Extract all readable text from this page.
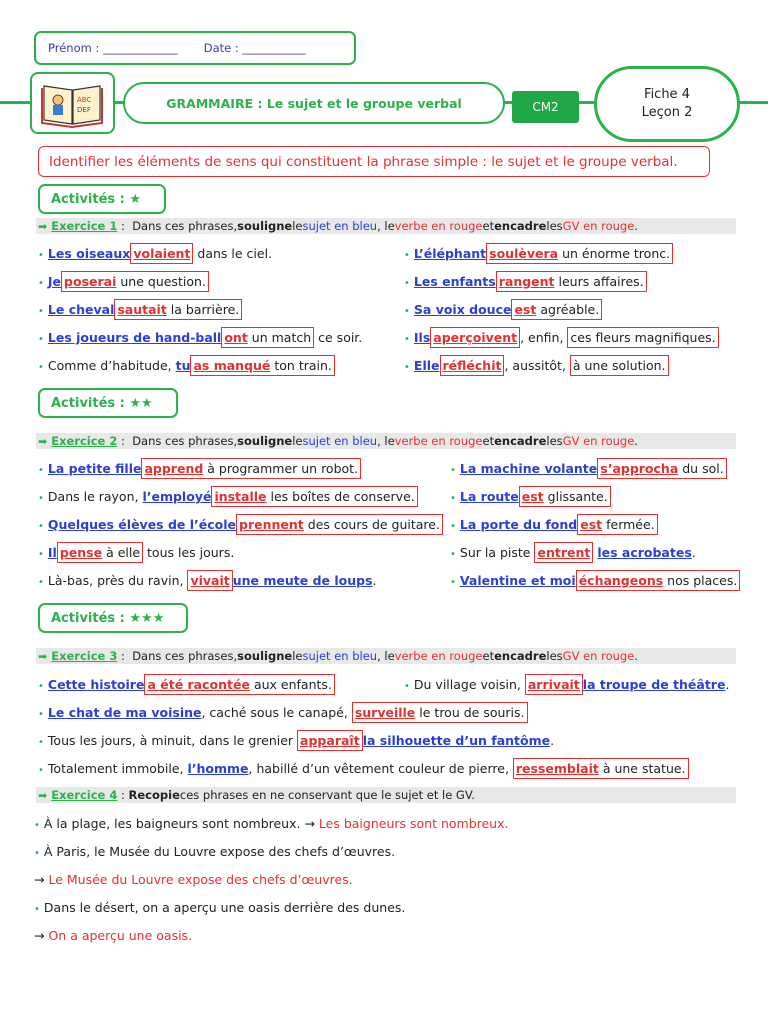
Prénom : _____________ Date : ___________
ABC
DEF	GRAMMAIRE : Le sujet et le groupe verbal	CM2
Fiche 4
Leçon 2
Identifier les éléments de sens qui constituent la phrase simple : le sujet et le groupe verbal.
Activités : ★
➡ Exercice 1 : Dans ces phrases, souligne le sujet en bleu , le verbe en rouge et encadre les GV en rouge .
• Les oiseaux volaient dans le ciel.
• Je poserai une question.
• Le cheval sautait la barrière.
• Les joueurs de hand-ball ont un match ce soir.
• Comme d’habitude, tu as manqué ton train.
• L’éléphant soulèvera un énorme tronc.
• Les enfants rangent leurs affaires.
• Sa voix douce est agréable.
• Ils aperçoivent , enfin, ces fleurs magnifiques.
• Elle réfléchit , aussitôt, à une solution.
Activités : ★★
➡ Exercice 2 : Dans ces phrases, souligne le sujet en bleu , le verbe en rouge et encadre les GV en rouge .
• La petite fille apprend à programmer un robot.
• Dans le rayon, l’employé installe les boîtes de conserve.
• Quelques élèves de l’école prennent des cours de guitare.
• Il pense à elle tous les jours.
• Là-bas, près du ravin, vivait une meute de loups.
• La machine volante s’approcha du sol.
• La route est glissante.
• La porte du fond est fermée.
• Sur la piste entrent les acrobates.
• Valentine et moi échangeons nos places.
Activités : ★★★
➡ Exercice 3 : Dans ces phrases, souligne le sujet en bleu , le verbe en rouge et encadre les GV en rouge .
• Cette histoire a été racontée aux enfants.	• Du village voisin, arrivait la troupe de théâtre.
• Le chat de ma voisine, caché sous le canapé, surveille le trou de souris.
• Tous les jours, à minuit, dans le grenier apparaît la silhouette d’un fantôme.
• Totalement immobile, l’homme, habillé d’un vêtement couleur de pierre, ressemblait à une statue.
➡ Exercice 4 : Recopie ces phrases en ne conservant que le sujet et le GV.
• À la plage, les baigneurs sont nombreux. → Les baigneurs sont nombreux.
• À Paris, le Musée du Louvre expose des chefs d’œuvres.
→ Le Musée du Louvre expose des chefs d’œuvres.
• Dans le désert, on a aperçu une oasis derrière des dunes.
→ On a aperçu une oasis.
